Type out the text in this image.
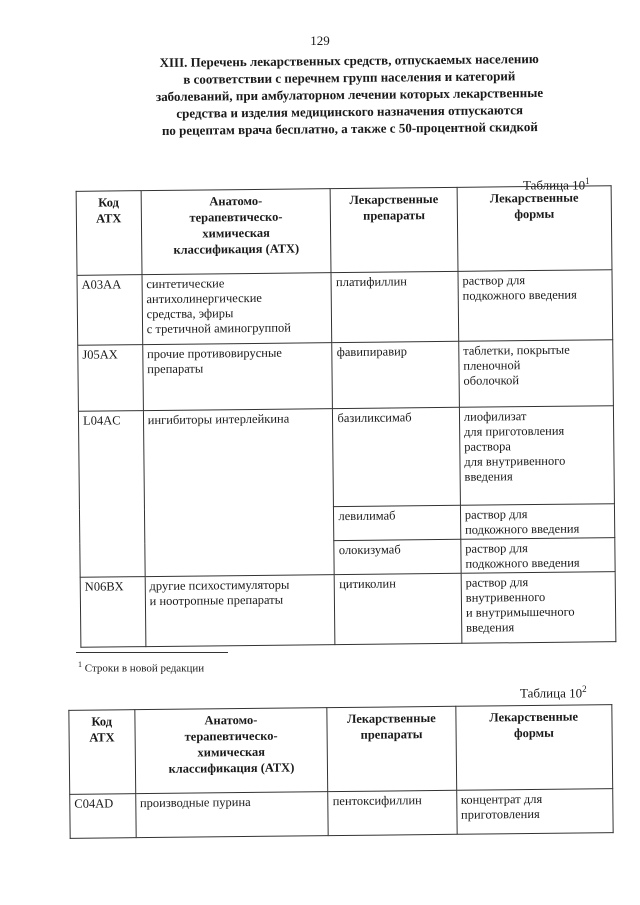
129
XIII. Перечень лекарственных средств, отпускаемых населению
в соответствии с перечнем групп населения и категорий
заболеваний, при амбулаторном лечении которых лекарственные
средства и изделия медицинского назначения отпускаются
по рецептам врача бесплатно, а также с 50-процентной скидкой
Таблица $10^1$
Код
АТХ	Анатомо-
терапевтическо-
химическая
классификация (АТХ)	Лекарственные
препараты	Лекарственные
формы
A03AA	синтетические
антихолинергические
средства, эфиры
с третичной аминогруппой	платифиллин	раствор для
подкожного введения
J05AX	прочие противовирусные
препараты	фавипиравир	таблетки, покрытые
пленочной
оболочкой
L04AC	ингибиторы интерлейкина	базиликсимаб	лиофилизат
для приготовления
раствора
для внутривенного
введения
		левилимаб	раствор для
подкожного введения
		олокизумаб	раствор для
подкожного введения
N06BX	другие психостимуляторы
и ноотропные препараты	цитиколин	раствор для
внутривенного
и внутримышечного
введения
$^1$ Строки в новой редакции
Таблица $10^2$
Код
АТХ	Анатомо-
терапевтическо-
химическая
классификация (АТХ)	Лекарственные
препараты	Лекарственные
формы
C04AD	производные пурина	пентоксифиллин	концентрат для
приготовления
